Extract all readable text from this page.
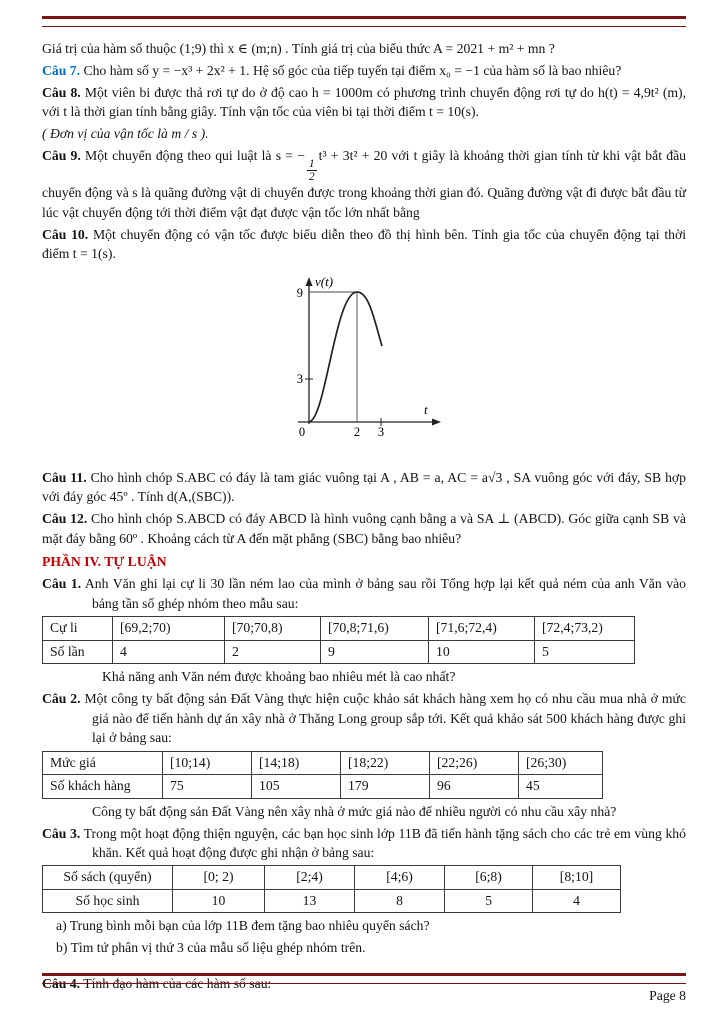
Giá trị của hàm số thuộc (1;9) thì x ∈ (m;n) . Tính giá trị của biểu thức A = 2021 + m² + mn ?

Câu 7. Cho hàm số y = −x³ + 2x² + 1. Hệ số góc của tiếp tuyến tại điểm x₀ = −1 của hàm số là bao nhiêu?

Câu 8. Một viên bi được thả rơi tự do ở độ cao h = 1000m có phương trình chuyển động rơi tự do h(t) = 4,9t² (m), với t là thời gian tính bằng giây. Tính vận tốc của viên bi tại thời điểm t = 10(s).

( Đơn vị của vận tốc là m / s ).

Câu 9. Một chuyển động theo qui luật là s = −
$\frac{1}{2}$
t³ + 3t² + 20 với t giây là khoảng thời gian tính từ khi vật bắt đầu chuyển động và s là quãng đường vật di chuyển được trong khoảng thời gian đó. Quãng đường vật đi được bắt đầu từ lúc vật chuyển động tới thời điểm vật đạt được vận tốc lớn nhất bằng

Câu 10. Một chuyển động có vận tốc được biểu diễn theo đồ thị hình bên. Tính gia tốc của chuyển động tại thời điểm t = 1(s).

v(t)
t
9
3
0	2 3

Câu 11. Cho hình chóp S.ABC có đáy là tam giác vuông tại A , AB = a, AC = a√3 , SA vuông góc với đáy, SB hợp với đáy góc 45º . Tính d(A,(SBC)).

Câu 12. Cho hình chóp S.ABCD có đáy ABCD là hình vuông cạnh bằng a và SA ⊥ (ABCD). Góc giữa cạnh SB và mặt đáy bằng 60º . Khoảng cách từ A đến mặt phẳng (SBC) bằng bao nhiêu?

PHẦN IV. TỰ LUẬN

Câu 1. Anh Văn ghi lại cự li 30 lần ném lao của mình ở bảng sau rồi Tổng hợp lại kết quả ném của anh Văn vào bảng tần số ghép nhóm theo mẫu sau:

Cự li	[69,2;70)	[70;70,8)	[70,8;71,6)	[71,6;72,4)	[72,4;73,2)
Số lần	4	2	9	10	5

Khả năng anh Văn ném được khoảng bao nhiêu mét là cao nhất?

Câu 2. Một công ty bất động sản Đất Vàng thực hiện cuộc khảo sát khách hàng xem họ có nhu cầu mua nhà ở mức giá nào để tiến hành dự án xây nhà ở Thăng Long group sắp tới. Kết quả khảo sát 500 khách hàng được ghi lại ở bảng sau:

Mức giá	[10;14)	[14;18)	[18;22)	[22;26)	[26;30)
Số khách hàng	75	105	179	96	45

Công ty bất động sản Đất Vàng nên xây nhà ở mức giá nào để nhiều người có nhu cầu xây nhà?

Câu 3. Trong một hoạt động thiện nguyện, các bạn học sinh lớp 11B đã tiến hành tặng sách cho các trẻ em vùng khó khăn. Kết quả hoạt động được ghi nhận ở bảng sau:

Số sách (quyển)	[0; 2)	[2;4)	[4;6)	[6;8)	[8;10]
Số học sinh	10	13	8	5	4

a) Trung bình mỗi bạn của lớp 11B đem tặng bao nhiêu quyển sách?

b) Tìm tứ phân vị thứ 3 của mẫu số liệu ghép nhóm trên.

Câu 4. Tính đạo hàm của các hàm số sau:

Page 8
